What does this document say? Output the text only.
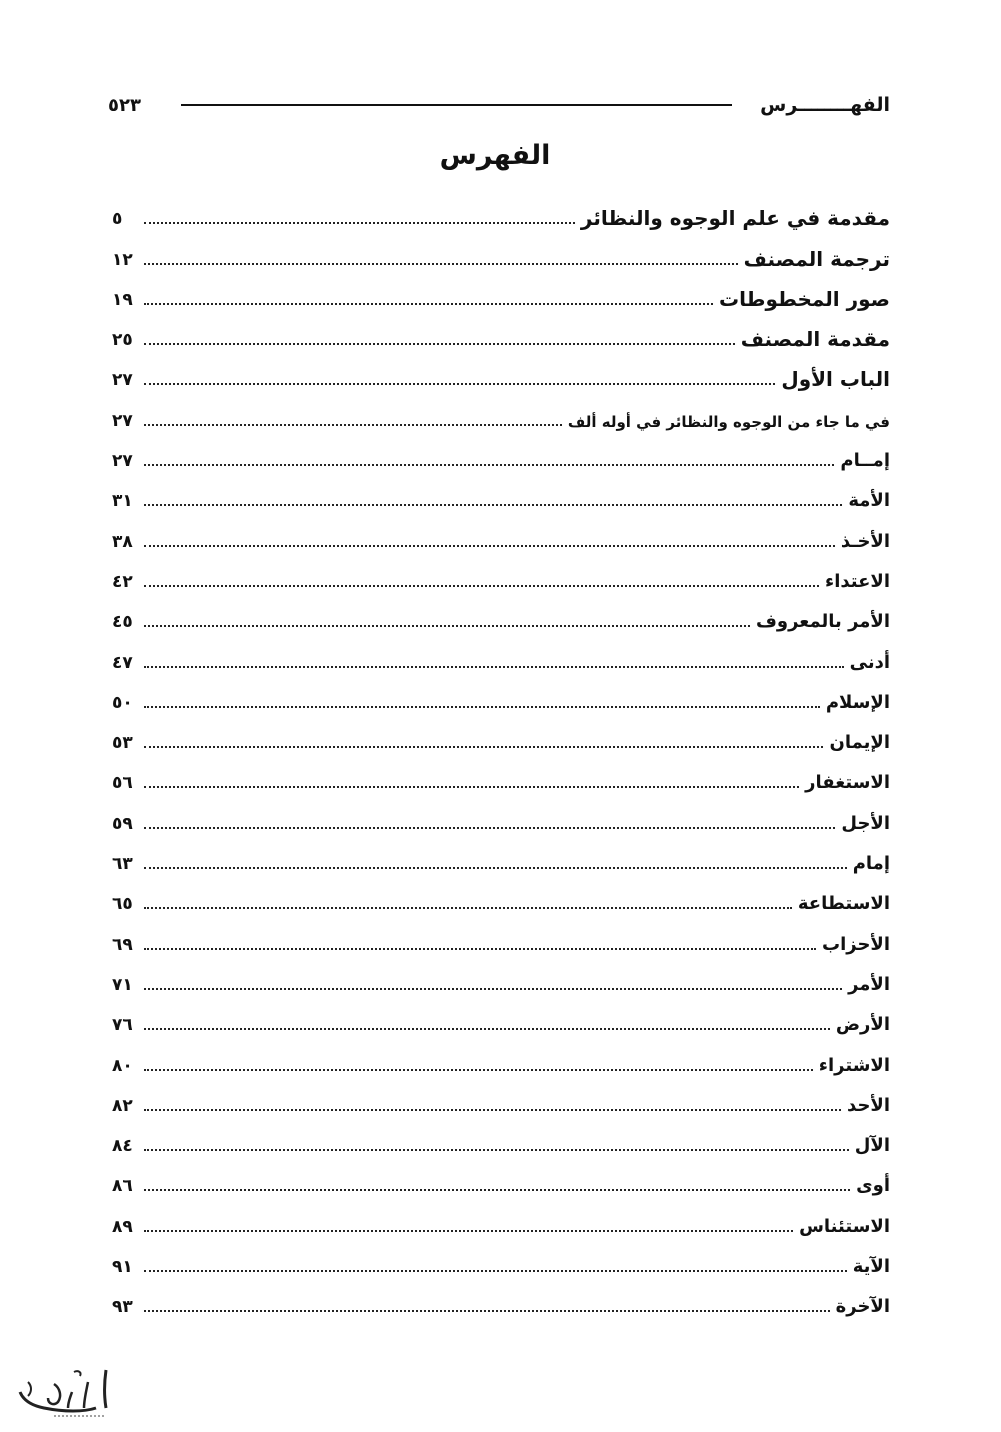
الفهــــــــرس
٥٢٣
الفهرس
مقدمة في علم الوجوه والنظائر
٥
ترجمة المصنف
١٢
صور المخطوطات
١٩
مقدمة المصنف
٢٥
الباب الأول
٢٧
في ما جاء من الوجوه والنظائر في أوله ألف
٢٧
إمــام
٢٧
الأمة
٣١
الأخـذ
٣٨
الاعتداء
٤٢
الأمر بالمعروف
٤٥
أدنى
٤٧
الإسلام
٥٠
الإيمان
٥٣
الاستغفار
٥٦
الأجل
٥٩
إمام
٦٣
الاستطاعة
٦٥
الأحزاب
٦٩
الأمر
٧١
الأرض
٧٦
الاشتراء
٨٠
الأحد
٨٢
الآل
٨٤
أوى
٨٦
الاستئناس
٨٩
الآية
٩١
الآخرة
٩٣
